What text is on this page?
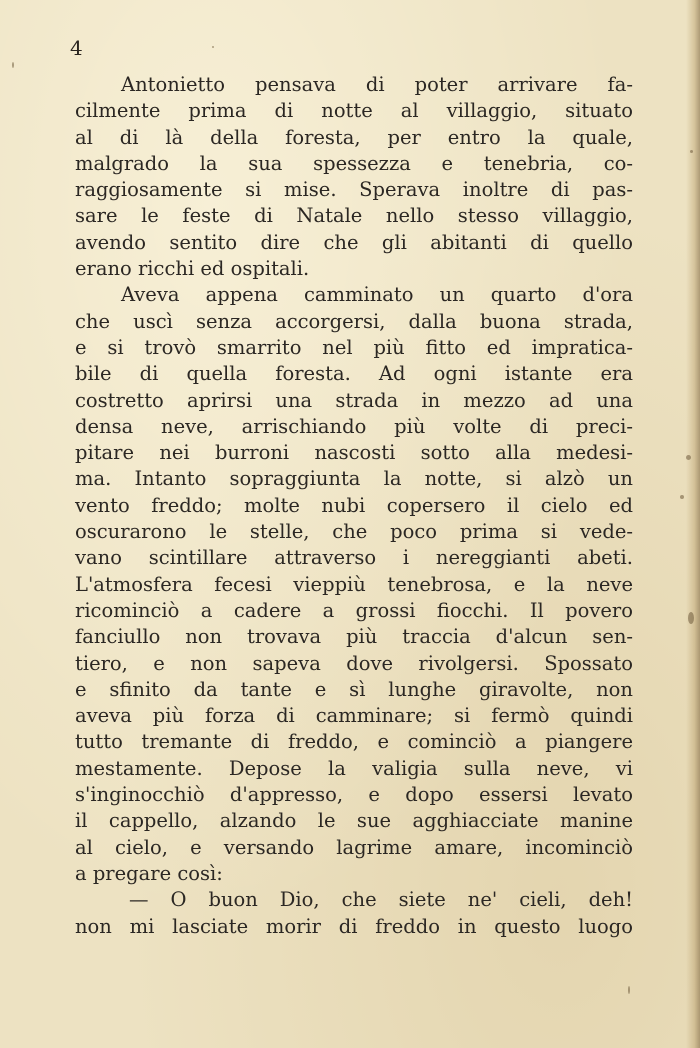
4
Antonietto pensava di poter arrivare fa-
cilmente prima di notte al villaggio, situato
al di là della foresta, per entro la quale,
malgrado la sua spessezza e tenebria, co-
raggiosamente si mise. Sperava inoltre di pas-
sare le feste di Natale nello stesso villaggio,
avendo sentito dire che gli abitanti di quello
erano ricchi ed ospitali.
Aveva appena camminato un quarto d'ora
che uscì senza accorgersi, dalla buona strada,
e si trovò smarrito nel più fitto ed impratica-
bile di quella foresta. Ad ogni istante era
costretto aprirsi una strada in mezzo ad una
densa neve, arrischiando più volte di preci-
pitare nei burroni nascosti sotto alla medesi-
ma. Intanto sopraggiunta la notte, si alzò un
vento freddo; molte nubi copersero il cielo ed
oscurarono le stelle, che poco prima si vede-
vano scintillare attraverso i nereggianti abeti.
L'atmosfera fecesi vieppiù tenebrosa, e la neve
ricominciò a cadere a grossi fiocchi. Il povero
fanciullo non trovava più traccia d'alcun sen-
tiero, e non sapeva dove rivolgersi. Spossato
e sfinito da tante e sì lunghe giravolte, non
aveva più forza di camminare; si fermò quindi
tutto tremante di freddo, e cominciò a piangere
mestamente. Depose la valigia sulla neve, vi
s'inginocchiò d'appresso, e dopo essersi levato
il cappello, alzando le sue agghiacciate manine
al cielo, e versando lagrime amare, incominciò
a pregare così:
— O buon Dio, che siete ne' cieli, deh!
non mi lasciate morir di freddo in questo luogo
